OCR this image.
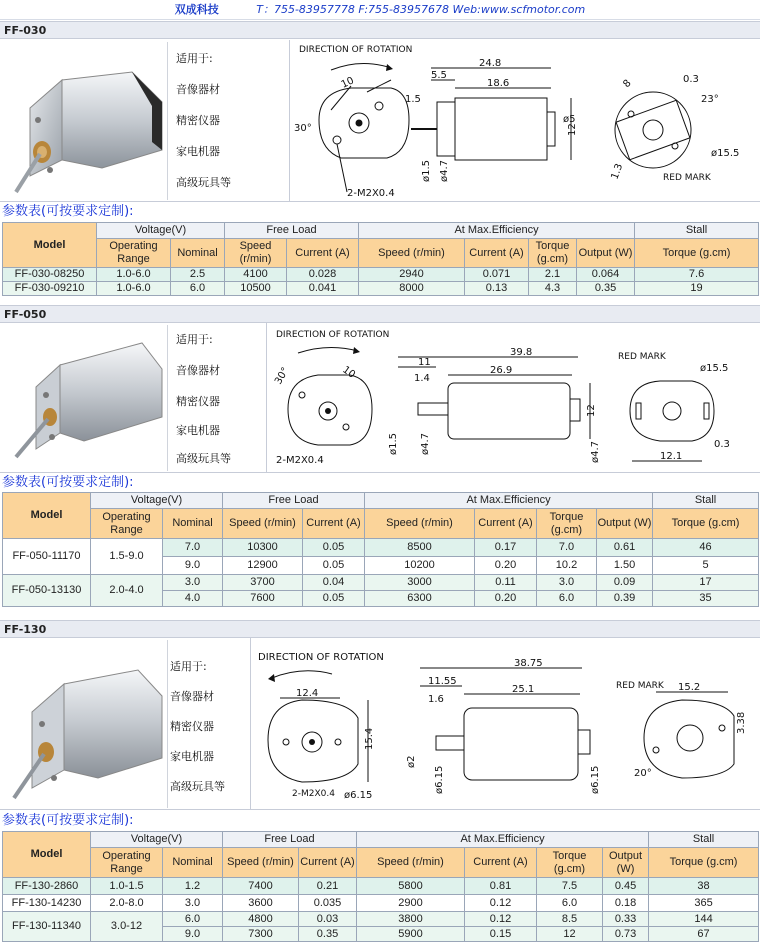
双成科技	T：755-83957778 F:755-83957678 Web:www.scfmotor.com
FF-030
适用于:
音像器材
精密仪器
家电机器
高级玩具等
DIRECTION OF ROTATION
10
30°
2-M2X0.4
24.8
5.5
18.6
1.5
ø5
12
ø1.5 ø4.7
8	0.3
23°
ø15.5
1.3	RED MARK
参数表(可按要求定制):
Model	Voltage(V)		Free Load		At Max.Efficiency				Stall
	Operating Range	Nominal	Speed (r/min)	Current (A)	Speed (r/min)	Current (A)	Torque (g.cm)	Output (W)	Torque (g.cm)
FF-030-08250	1.0-6.0	2.5	4100	0.028	2940	0.071	2.1	0.064	7.6
FF-030-09210	1.0-6.0	6.0	10500	0.041	8000	0.13	4.3	0.35	19
FF-050
适用于:
音像器材
精密仪器
家电机器
高级玩具等
DIRECTION OF ROTATION
30°	10
2-M2X0.4
39.8
11
1.4
26.9
12
ø1.5 ø4.7	ø4.7
RED MARK
ø15.5
12.1
0.3
参数表(可按要求定制):
Model	Voltage(V)		Free Load		At Max.Efficiency				Stall
	Operating Range	Nominal	Speed (r/min)	Current (A)	Speed (r/min)	Current (A)	Torque (g.cm)	Output (W)	Torque (g.cm)
FF-050-11170	1.5-9.0	7.0	10300	0.05	8500	0.17	7.0	0.61	46
		9.0	12900	0.05	10200	0.20	10.2	1.50	5
FF-050-13130	2.0-4.0	3.0	3700	0.04	3000	0.11	3.0	0.09	17
		4.0	7600	0.05	6300	0.20	6.0	0.39	35
FF-130
适用于:
音像器材
精密仪器
家电机器
高级玩具等
DIRECTION OF ROTATION
12.4
15.4
2-M2X0.4 ø6.15
38.75
11.55
25.1
1.6
ø2
ø6.15	ø6.15
RED MARK 15.2
3.38
20°
参数表(可按要求定制):
Model	Voltage(V)		Free Load		At Max.Efficiency				Stall
	Operating Range	Nominal	Speed (r/min)	Current (A)	Speed (r/min)	Current (A)	Torque (g.cm)	Output (W)	Torque (g.cm)
FF-130-2860	1.0-1.5	1.2	7400	0.21	5800	0.81	7.5	0.45	38
FF-130-14230	2.0-8.0	3.0	3600	0.035	2900	0.12	6.0	0.18	365
FF-130-11340	3.0-12	6.0	4800	0.03	3800	0.12	8.5	0.33	144
		9.0	7300	0.35	5900	0.15	12	0.73	67
